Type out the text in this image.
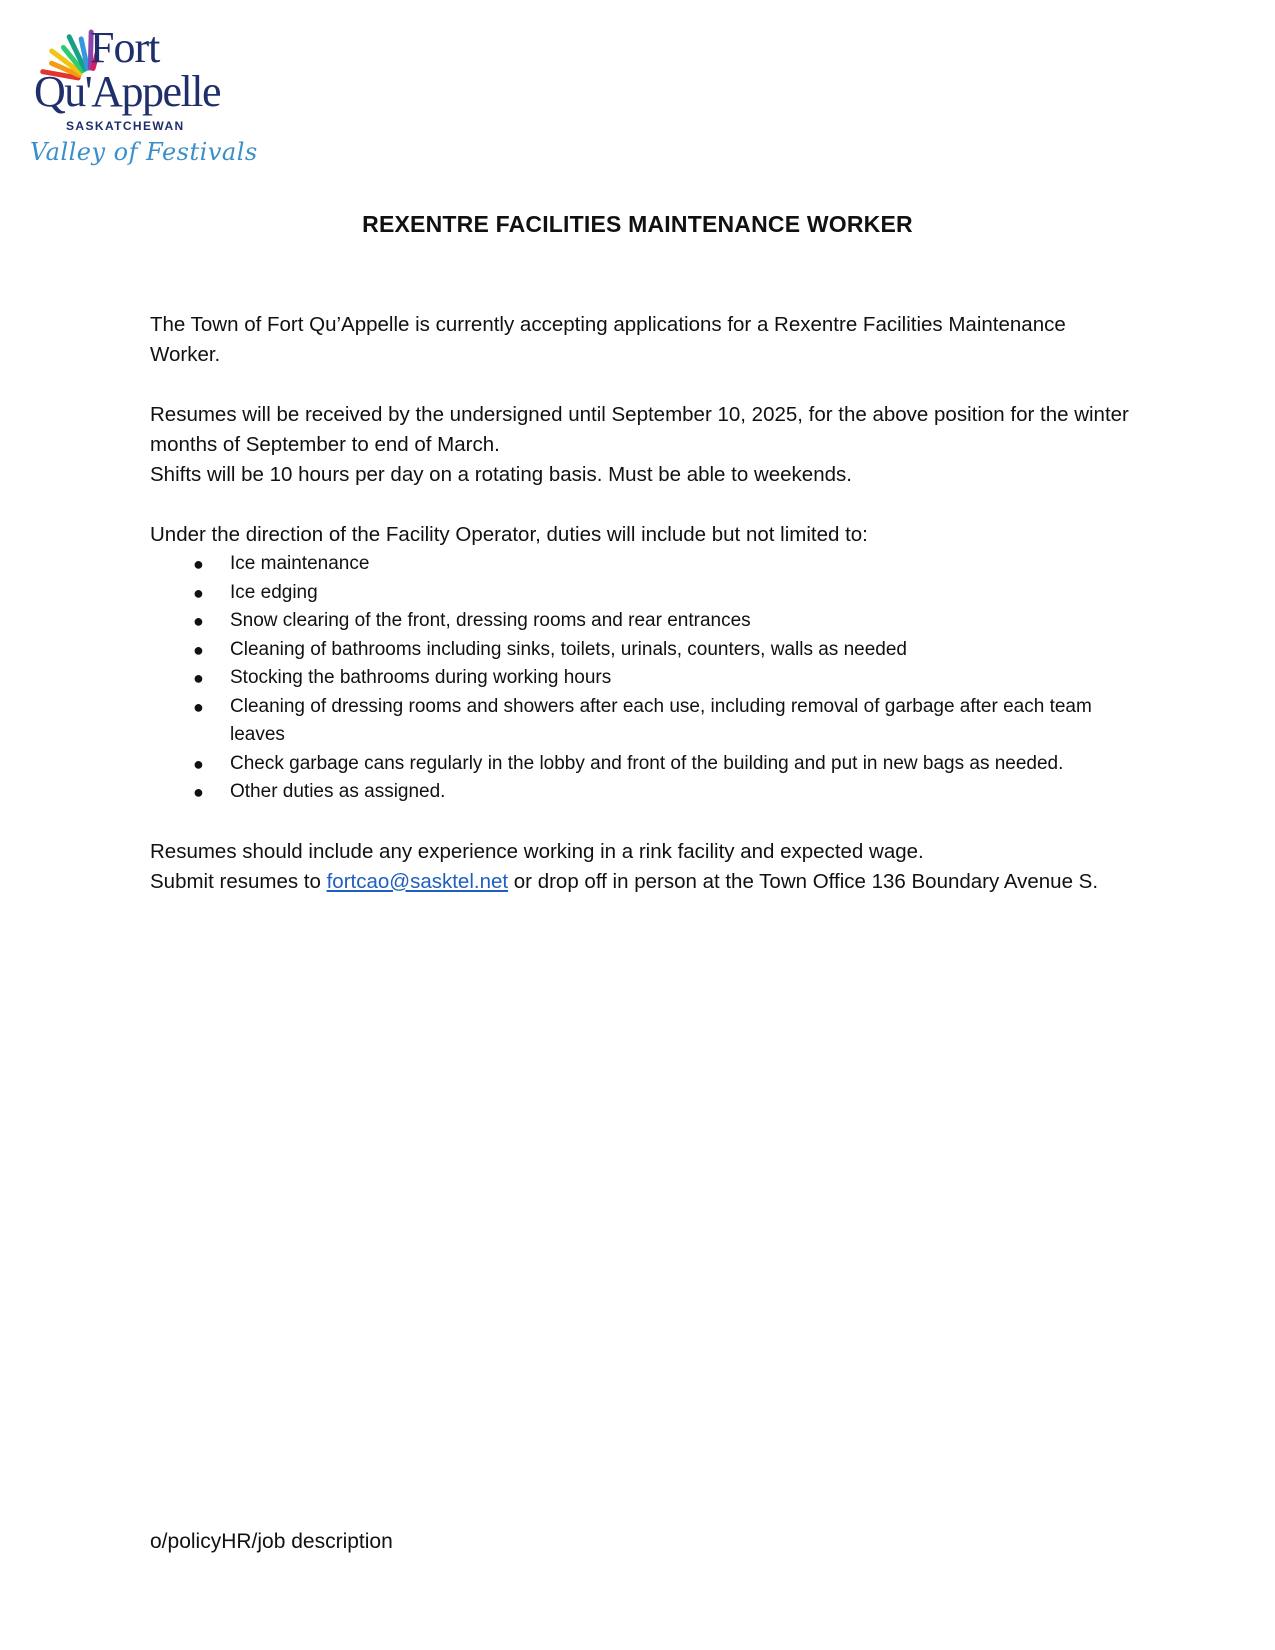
Fort
Qu'Appelle
SASKATCHEWAN
Valley of Festivals
REXENTRE FACILITIES MAINTENANCE WORKER

The Town of Fort Qu’Appelle is currently accepting applications for a Rexentre Facilities Maintenance Worker.

Resumes will be received by the undersigned until September 10, 2025, for the above position for the winter months of September to end of March.

Shifts will be 10 hours per day on a rotating basis. Must be able to weekends.

Under the direction of the Facility Operator, duties will include but not limited to:

● Ice maintenance
● Ice edging
● Snow clearing of the front, dressing rooms and rear entrances
● Cleaning of bathrooms including sinks, toilets, urinals, counters, walls as needed
● Stocking the bathrooms during working hours
● Cleaning of dressing rooms and showers after each use, including removal of garbage after each team leaves
● Check garbage cans regularly in the lobby and front of the building and put in new bags as needed.
● Other duties as assigned.

Resumes should include any experience working in a rink facility and expected wage.

Submit resumes to fortcao@sasktel.net or drop off in person at the Town Office 136 Boundary Avenue S.

o/policyHR/job description
